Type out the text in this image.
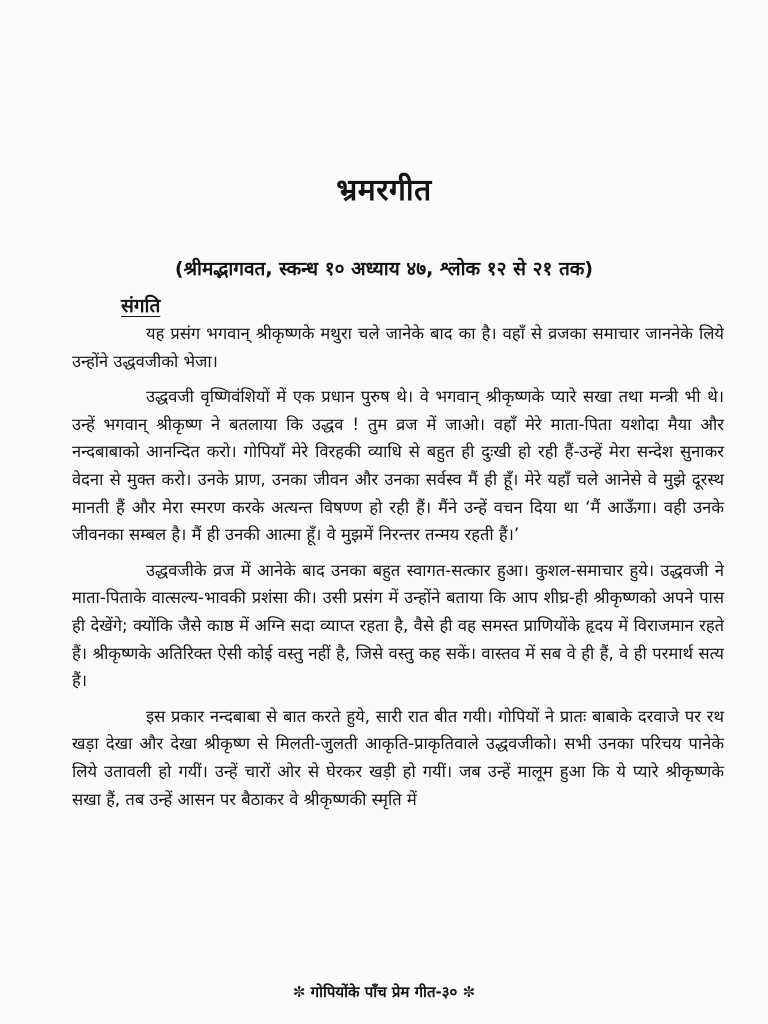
भ्रमरगीत
(श्रीमद्भागवत, स्कन्ध १० अध्याय ४७, श्लोक १२ से २१ तक)
संगति

यह प्रसंग भगवान् श्रीकृष्णके मथुरा चले जानेके बाद का है। वहाँ से व्रजका समाचार जाननेके लिये उन्होंने उद्धवजीको भेजा।

उद्धवजी वृष्णिवंशियों में एक प्रधान पुरुष थे। वे भगवान् श्रीकृष्णके प्यारे सखा तथा मन्त्री भी थे। उन्हें भगवान् श्रीकृष्ण ने बतलाया कि उद्धव ! तुम व्रज में जाओ। वहाँ मेरे माता-पिता यशोदा मैया और नन्दबाबाको आनन्दित करो। गोपियाँ मेरे विरहकी व्याधि से बहुत ही दुःखी हो रही हैं-उन्हें मेरा सन्देश सुनाकर वेदना से मुक्त करो। उनके प्राण, उनका जीवन और उनका सर्वस्व मैं ही हूँ। मेरे यहाँ चले आनेसे वे मुझे दूरस्थ मानती हैं और मेरा स्मरण करके अत्यन्त विषण्ण हो रही हैं। मैंने उन्हें वचन दिया था ‘मैं आऊँगा। वही उनके जीवनका सम्बल है। मैं ही उनकी आत्मा हूँ। वे मुझमें निरन्तर तन्मय रहती हैं।’

उद्धवजीके व्रज में आनेके बाद उनका बहुत स्वागत-सत्कार हुआ। कुशल-समाचार हुये। उद्धवजी ने माता-पिताके वात्सल्य-भावकी प्रशंसा की। उसी प्रसंग में उन्होंने बताया कि आप शीघ्र-ही श्रीकृष्णको अपने पास ही देखेंगे; क्योंकि जैसे काष्ठ में अग्नि सदा व्याप्त रहता है, वैसे ही वह समस्त प्राणियोंके हृदय में विराजमान रहते हैं। श्रीकृष्णके अतिरिक्त ऐसी कोई वस्तु नहीं है, जिसे वस्तु कह सकें। वास्तव में सब वे ही हैं, वे ही परमार्थ सत्य हैं।

इस प्रकार नन्दबाबा से बात करते हुये, सारी रात बीत गयी। गोपियों ने प्रातः बाबाके दरवाजे पर रथ खड़ा देखा और देखा श्रीकृष्ण से मिलती-जुलती आकृति-प्राकृतिवाले उद्धवजीको। सभी उनका परिचय पानेके लिये उतावली हो गयीं। उन्हें चारों ओर से घेरकर खड़ी हो गयीं। जब उन्हें मालूम हुआ कि ये प्यारे श्रीकृष्णके सखा हैं, तब उन्हें आसन पर बैठाकर वे श्रीकृष्णकी स्मृति में

✼ गोपियोंके पाँच प्रेम गीत-३० ✼
